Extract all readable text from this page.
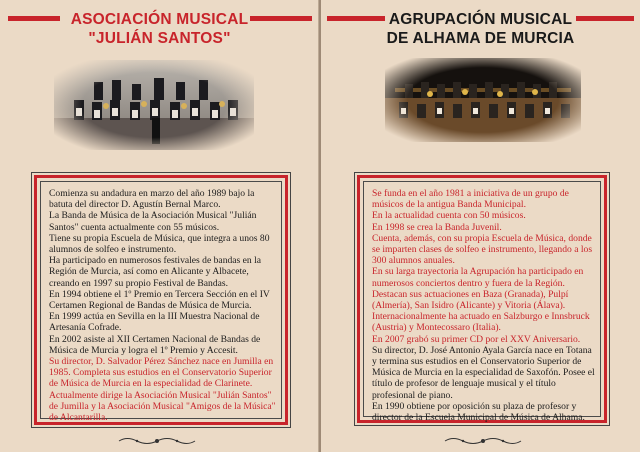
ASOCIACIÓN MUSICAL
"JULIÁN SANTOS"
Comienza su andadura en marzo del año 1989 bajo la batuta del director D. Agustín Bernal Marco.
La Banda de Música de la Asociación Musical "Julián Santos" cuenta actualmente con 55 músicos.
Tiene su propia Escuela de Música, que integra a unos 80 alumnos de solfeo e instrumento.
Ha participado en numerosos festivales de bandas en la Región de Murcia, así como en Alicante y Albacete, creando en 1997 su propio Festival de Bandas.
En 1994 obtiene el 1º Premio en Tercera Sección en el IV Certamen Regional de Bandas de Música de Murcia.
En 1999 actúa en Sevilla en la III Muestra Nacional de Artesanía Cofrade.
En 2002 asiste al XII Certamen Nacional de Bandas de Música de Murcia y logra el 1º Premio y Accesit.
Su director, D. Salvador Pérez Sánchez nace en Jumilla en 1985. Completa sus estudios en el Conservatorio Superior de Música de Murcia en la especialidad de Clarinete. Actualmente dirige la Asociación Musical "Julián Santos" de Jumilla y la Asociación Musical "Amigos de la Música" de Alcantarilla.
AGRUPACIÓN MUSICAL
DE ALHAMA DE MURCIA
Se funda en el año 1981 a iniciativa de un grupo de músicos de la antigua Banda Municipal.
En la actualidad cuenta con 50 músicos.
En 1998 se crea la Banda Juvenil.
Cuenta, además, con su propia Escuela de Música, donde se imparten clases de solfeo e instrumento, llegando a los 300 alumnos anuales.
En su larga trayectoria la Agrupación ha participado en numerosos conciertos dentro y fuera de la Región. Destacan sus actuaciones en Baza (Granada), Pulpí (Almería), San Isidro (Alicante) y Vitoria (Álava). Internacionalmente ha actuado en Salzburgo e Innsbruck (Austria) y Montecossaro (Italia).
En 2007 grabó su primer CD por el XXV Aniversario.
Su director, D. José Antonio Ayala García nace en Totana y termina sus estudios en el Conservatorio Superior de Música de Murcia en la especialidad de Saxofón. Posee el título de profesor de lenguaje musical y el título profesional de piano.
En 1990 obtiene por oposición su plaza de profesor y director de la Escuela Municipal de Música de Alhama.
